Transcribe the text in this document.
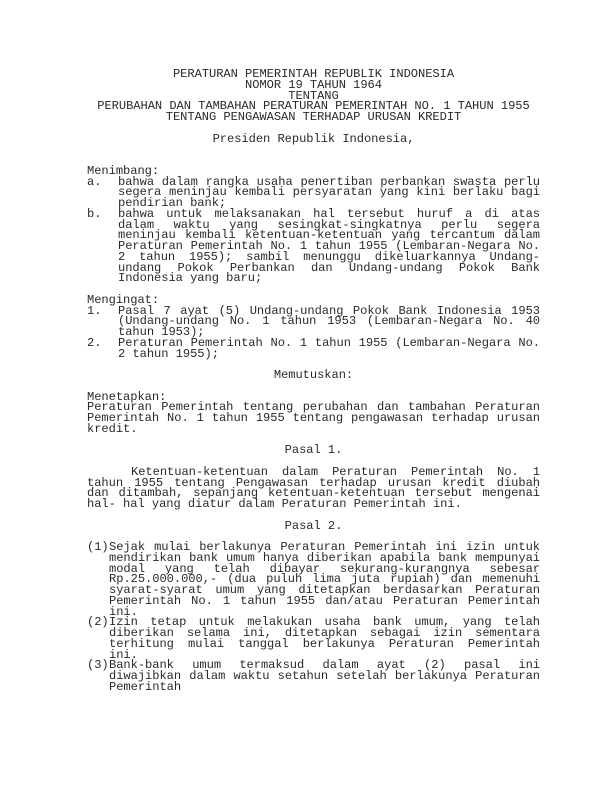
PERATURAN PEMERINTAH REPUBLIK INDONESIA
NOMOR 19 TAHUN 1964
TENTANG
PERUBAHAN DAN TAMBAHAN PERATURAN PEMERINTAH NO. 1 TAHUN 1955
TENTANG PENGAWASAN TERHADAP URUSAN KREDIT
Presiden Republik Indonesia,
Menimbang:
a.	bahwa dalam rangka usaha penertiban perbankan swasta perlu segera meninjau kembali persyaratan yang kini berlaku bagi pendirian bank;
b.	bahwa untuk melaksanakan hal tersebut huruf a di atas dalam waktu yang sesingkat-singkatnya perlu segera meninjau kembali ketentuan-ketentuan yang tercantum dalam Peraturan Pemerintah No. 1 tahun 1955 (Lembaran-Negara No. 2 tahun 1955); sambil menunggu dikeluarkannya Undang-undang Pokok Perbankan dan Undang-undang Pokok Bank Indonesia yang baru;
Mengingat:
1.	Pasal 7 ayat (5) Undang-undang Pokok Bank Indonesia 1953 (Undang-undang No. 1 tahun 1953 (Lembaran-Negara No. 40 tahun 1953);
2.	Peraturan Pemerintah No. 1 tahun 1955 (Lembaran-Negara No. 2 tahun 1955);
Memutuskan:
Menetapkan:
Peraturan Pemerintah tentang perubahan dan tambahan Peraturan Pemerintah No. 1 tahun 1955 tentang pengawasan terhadap urusan kredit.
Pasal 1.
Ketentuan-ketentuan dalam Peraturan Pemerintah No. 1 tahun 1955 tentang Pengawasan terhadap urusan kredit diubah dan ditambah, sepanjang ketentuan-ketentuan tersebut mengenai hal- hal yang diatur dalam Peraturan Pemerintah ini.
Pasal 2.
(1) Sejak mulai berlakunya Peraturan Pemerintah ini izin untuk mendirikan bank umum hanya diberikan apabila bank mempunyai modal yang telah dibayar sekurang-kurangnya sebesar Rp.25.000.000,- (dua puluh lima juta rupiah) dan memenuhi syarat-syarat umum yang ditetapkan berdasarkan Peraturan Pemerintah No. 1 tahun 1955 dan/atau Peraturan Pemerintah ini.
(2) Izin tetap untuk melakukan usaha bank umum, yang telah diberikan selama ini, ditetapkan sebagai izin sementara terhitung mulai tanggal berlakunya Peraturan Pemerintah ini.
(3) Bank-bank umum termaksud dalam ayat (2) pasal ini diwajibkan dalam waktu setahun setelah berlakunya Peraturan Pemerintah
